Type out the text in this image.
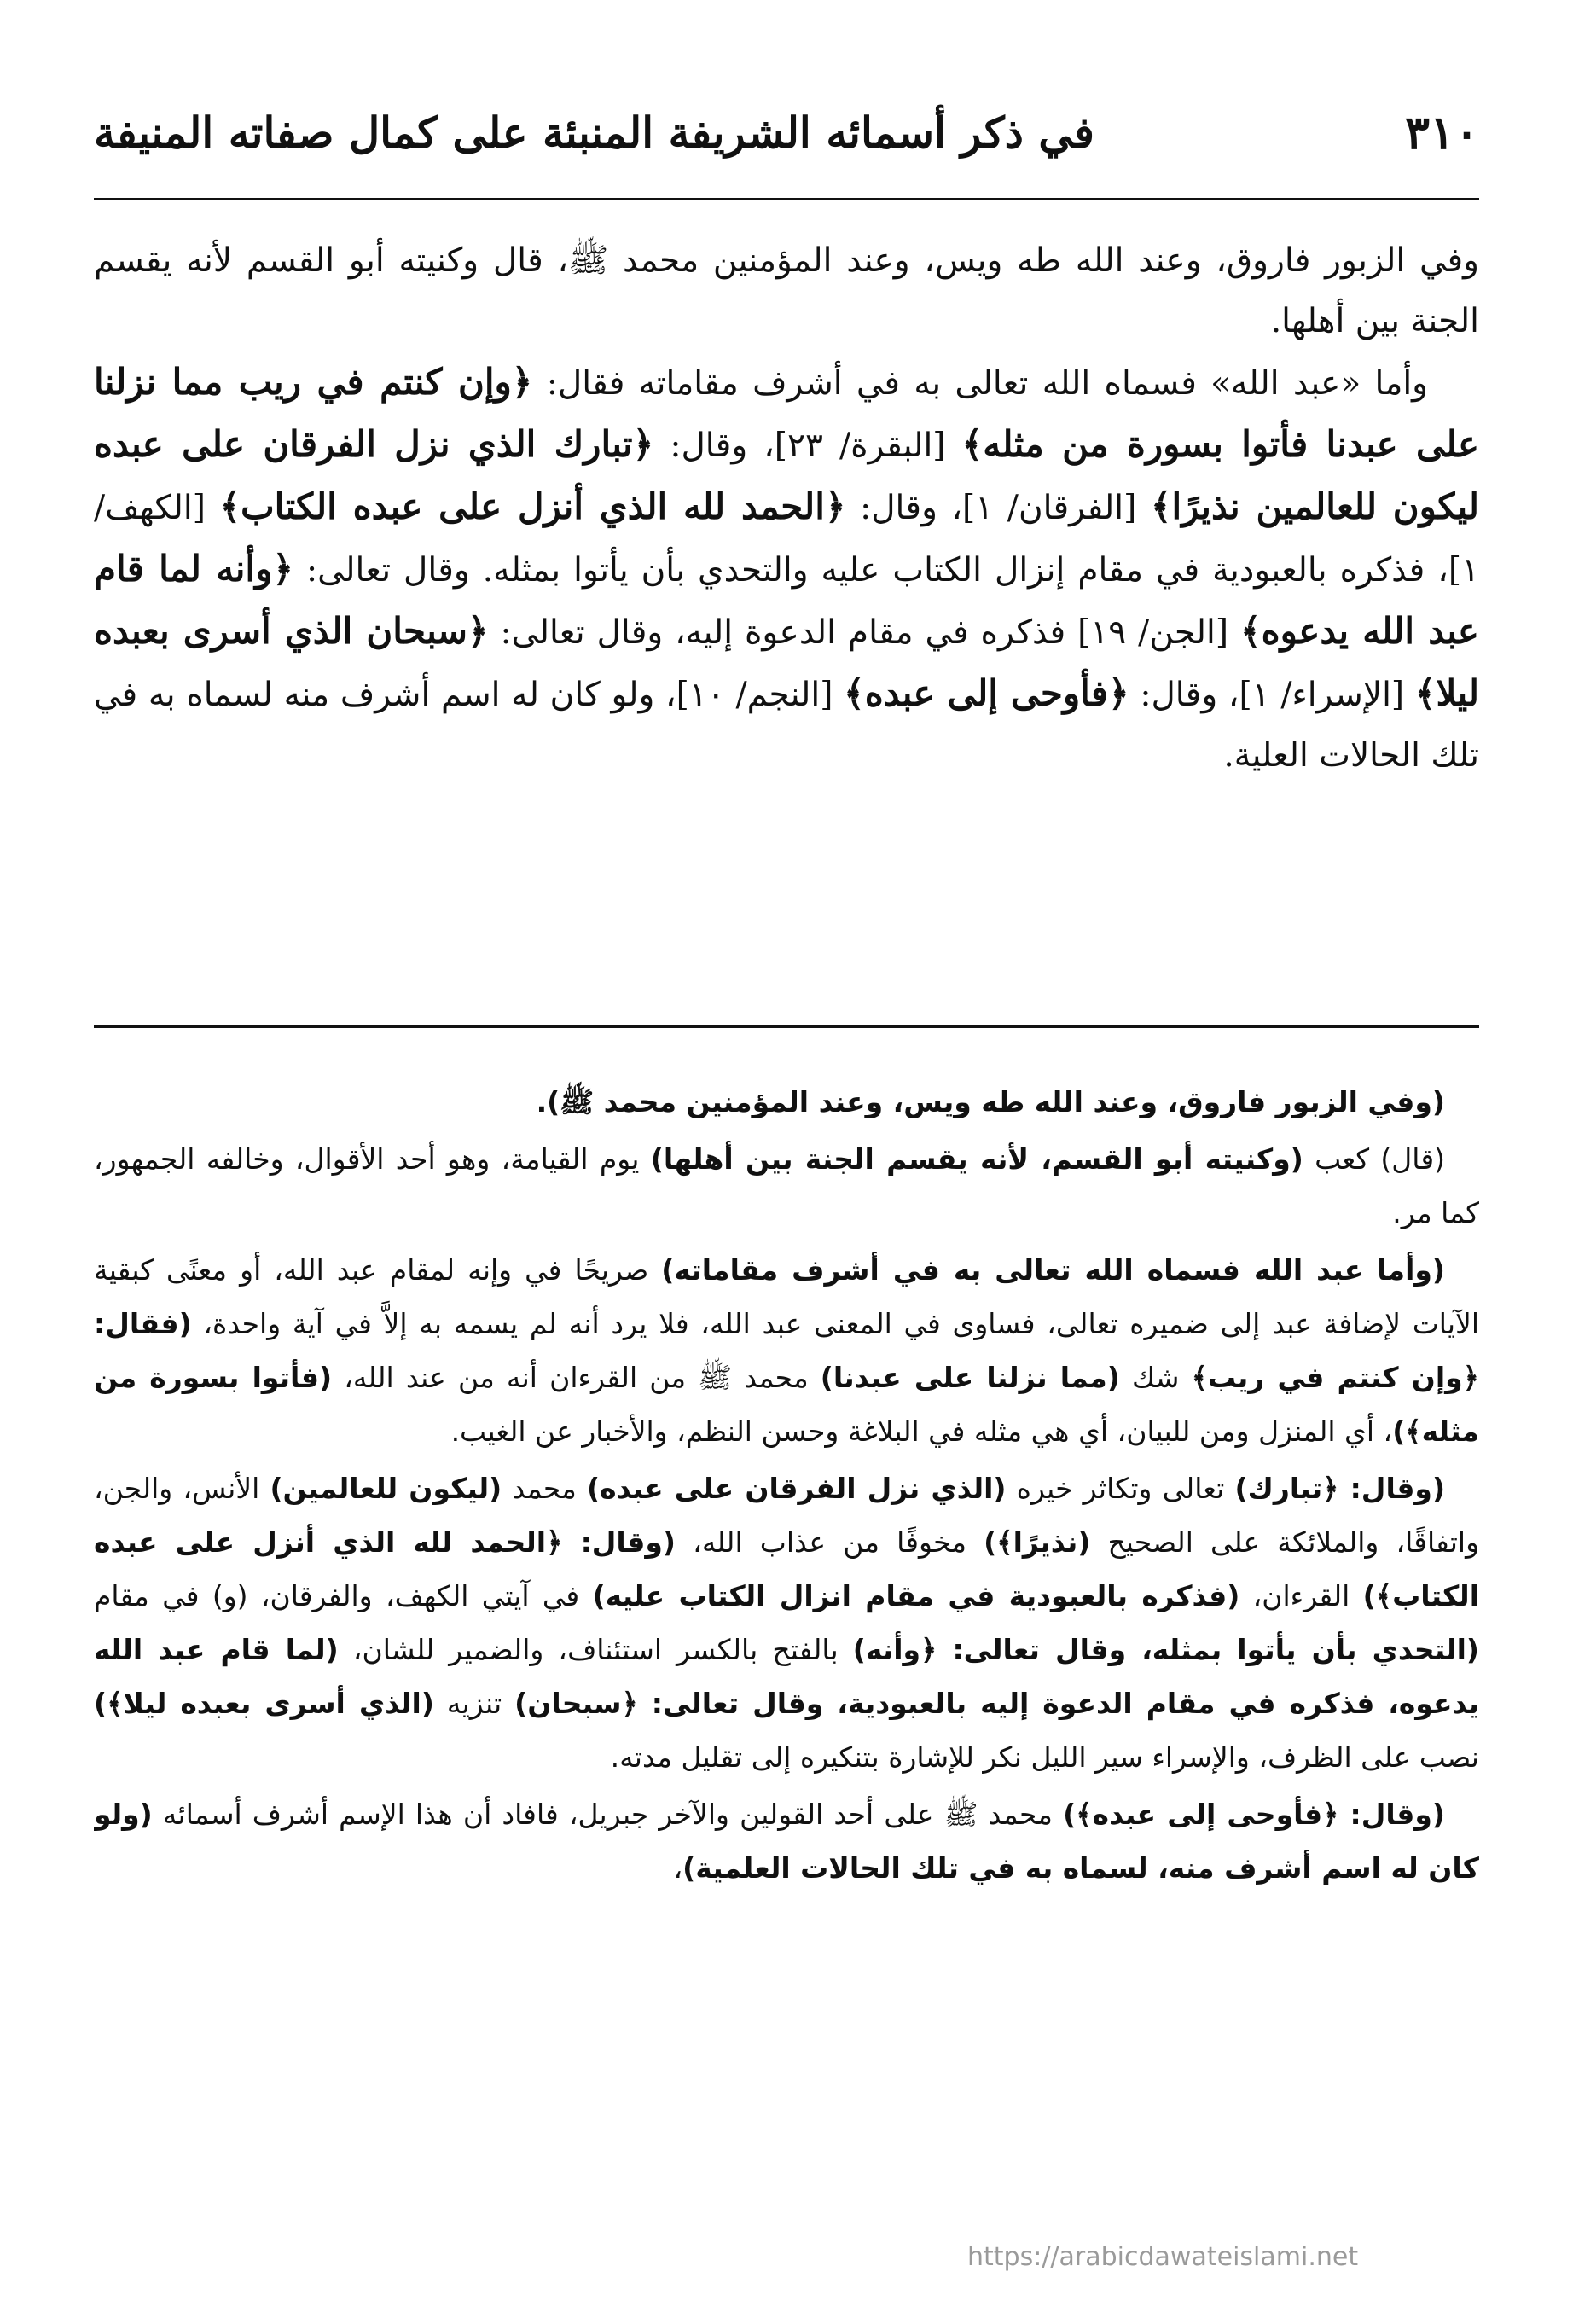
٣١٠
في ذكر أسمائه الشريفة المنبئة على كمال صفاته المنيفة

وفي الزبور فاروق، وعند الله طه ويس، وعند المؤمنين محمد ﷺ، قال وكنيته أبو القسم لأنه يقسم الجنة بين أهلها.

وأما «عبد الله» فسماه الله تعالى به في أشرف مقاماته فقال: ﴿وإن كنتم في ريب مما نزلنا على عبدنا فأتوا بسورة من مثله﴾ [البقرة/ ٢٣]، وقال: ﴿تبارك الذي نزل الفرقان على عبده ليكون للعالمين نذيرًا﴾ [الفرقان/ ١]، وقال: ﴿الحمد لله الذي أنزل على عبده الكتاب﴾ [الكهف/ ١]، فذكره بالعبودية في مقام إنزال الكتاب عليه والتحدي بأن يأتوا بمثله. وقال تعالى: ﴿وأنه لما قام عبد الله يدعوه﴾ [الجن/ ١٩] فذكره في مقام الدعوة إليه، وقال تعالى: ﴿سبحان الذي أسرى بعبده ليلا﴾ [الإسراء/ ١]، وقال: ﴿فأوحى إلى عبده﴾ [النجم/ ١٠]، ولو كان له اسم أشرف منه لسماه به في تلك الحالات العلية.

(وفي الزبور فاروق، وعند الله طه ويس، وعند المؤمنين محمد ﷺ).

(قال) كعب (وكنيته أبو القسم، لأنه يقسم الجنة بين أهلها) يوم القيامة، وهو أحد الأقوال، وخالفه الجمهور، كما مر.

(وأما عبد الله فسماه الله تعالى به في أشرف مقاماته) صريحًا في وإنه لمقام عبد الله، أو معنًى كبقية الآيات لإضافة عبد إلى ضميره تعالى، فساوى في المعنى عبد الله، فلا يرد أنه لم يسمه به إلاَّ في آية واحدة، (فقال: ﴿وإن كنتم في ريب﴾ شك (مما نزلنا على عبدنا) محمد ﷺ من القرءان أنه من عند الله، (فأتوا بسورة من مثله﴾)، أي المنزل ومن للبيان، أي هي مثله في البلاغة وحسن النظم، والأخبار عن الغيب.

(وقال: ﴿تبارك) تعالى وتكاثر خيره (الذي نزل الفرقان على عبده) محمد (ليكون للعالمين) الأنس، والجن، واتفاقًا، والملائكة على الصحيح (نذيرًا﴾) مخوفًا من عذاب الله، (وقال: ﴿الحمد لله الذي أنزل على عبده الكتاب﴾) القرءان، (فذكره بالعبودية في مقام انزال الكتاب عليه) في آيتي الكهف، والفرقان، (و) في مقام (التحدي بأن يأتوا بمثله، وقال تعالى: ﴿وأنه) بالفتح بالكسر استئناف، والضمير للشان، (لما قام عبد الله يدعوه، فذكره في مقام الدعوة إليه بالعبودية، وقال تعالى: ﴿سبحان) تنزيه (الذي أسرى بعبده ليلا﴾) نصب على الظرف، والإسراء سير الليل نكر للإشارة بتنكيره إلى تقليل مدته.

(وقال: ﴿فأوحى إلى عبده﴾) محمد ﷺ على أحد القولين والآخر جبريل، فافاد أن هذا الإسم أشرف أسمائه (ولو كان له اسم أشرف منه، لسماه به في تلك الحالات العلمية)،

https://arabicdawateislami.net
